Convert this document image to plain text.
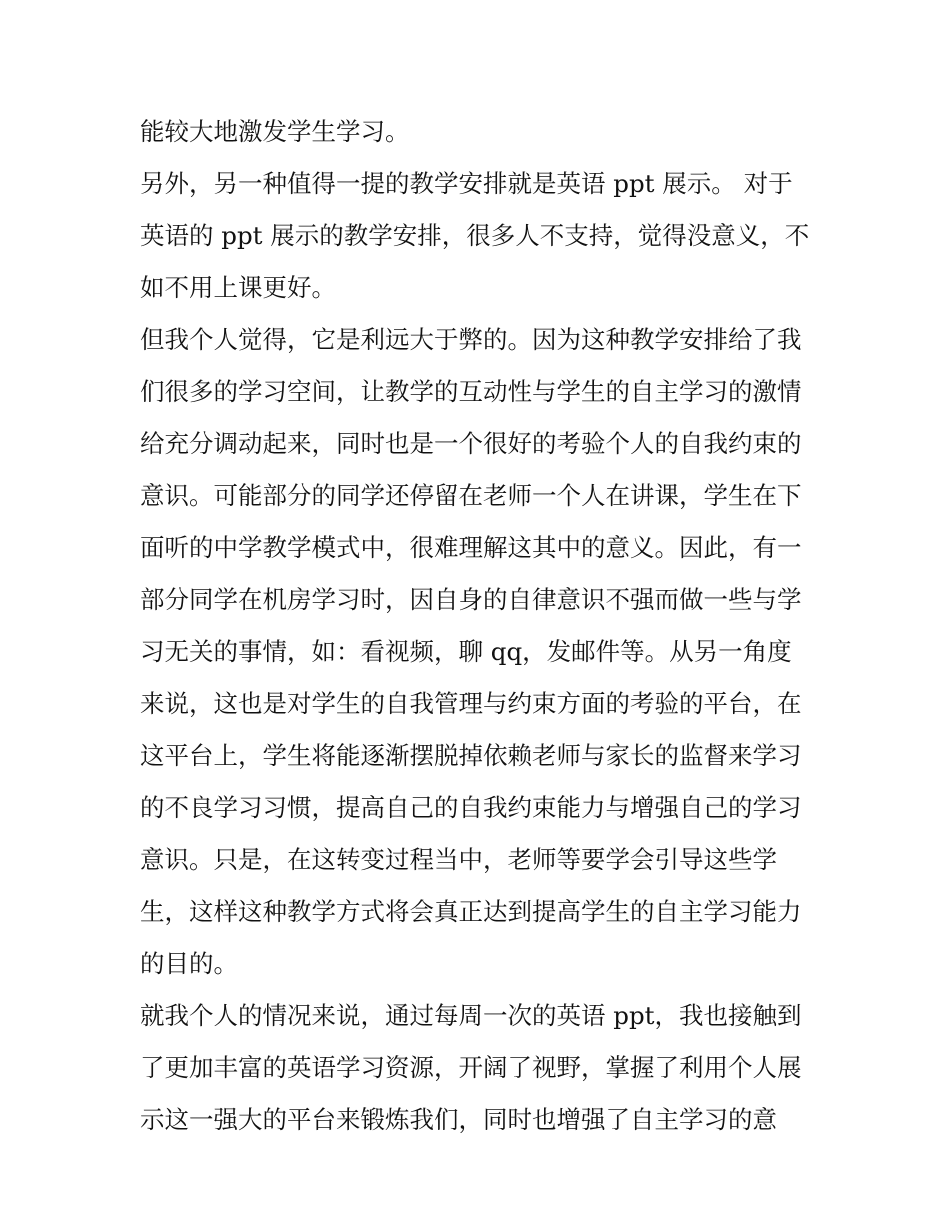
能较大地激发学生学习。
另外，另一种值得一提的教学安排就是英语 ppt 展示。 对于
英语的 ppt 展示的教学安排，很多人不支持，觉得没意义，不
如不用上课更好。
但我个人觉得，它是利远大于弊的。因为这种教学安排给了我
们很多的学习空间，让教学的互动性与学生的自主学习的激情
给充分调动起来，同时也是一个很好的考验个人的自我约束的
意识。可能部分的同学还停留在老师一个人在讲课，学生在下
面听的中学教学模式中，很难理解这其中的意义。因此，有一
部分同学在机房学习时，因自身的自律意识不强而做一些与学
习无关的事情，如：看视频，聊 qq，发邮件等。从另一角度
来说，这也是对学生的自我管理与约束方面的考验的平台，在
这平台上，学生将能逐渐摆脱掉依赖老师与家长的监督来学习
的不良学习习惯，提高自己的自我约束能力与增强自己的学习
意识。只是，在这转变过程当中，老师等要学会引导这些学
生，这样这种教学方式将会真正达到提高学生的自主学习能力
的目的。
就我个人的情况来说，通过每周一次的英语 ppt，我也接触到
了更加丰富的英语学习资源，开阔了视野，掌握了利用个人展
示这一强大的平台来锻炼我们，同时也增强了自主学习的意
